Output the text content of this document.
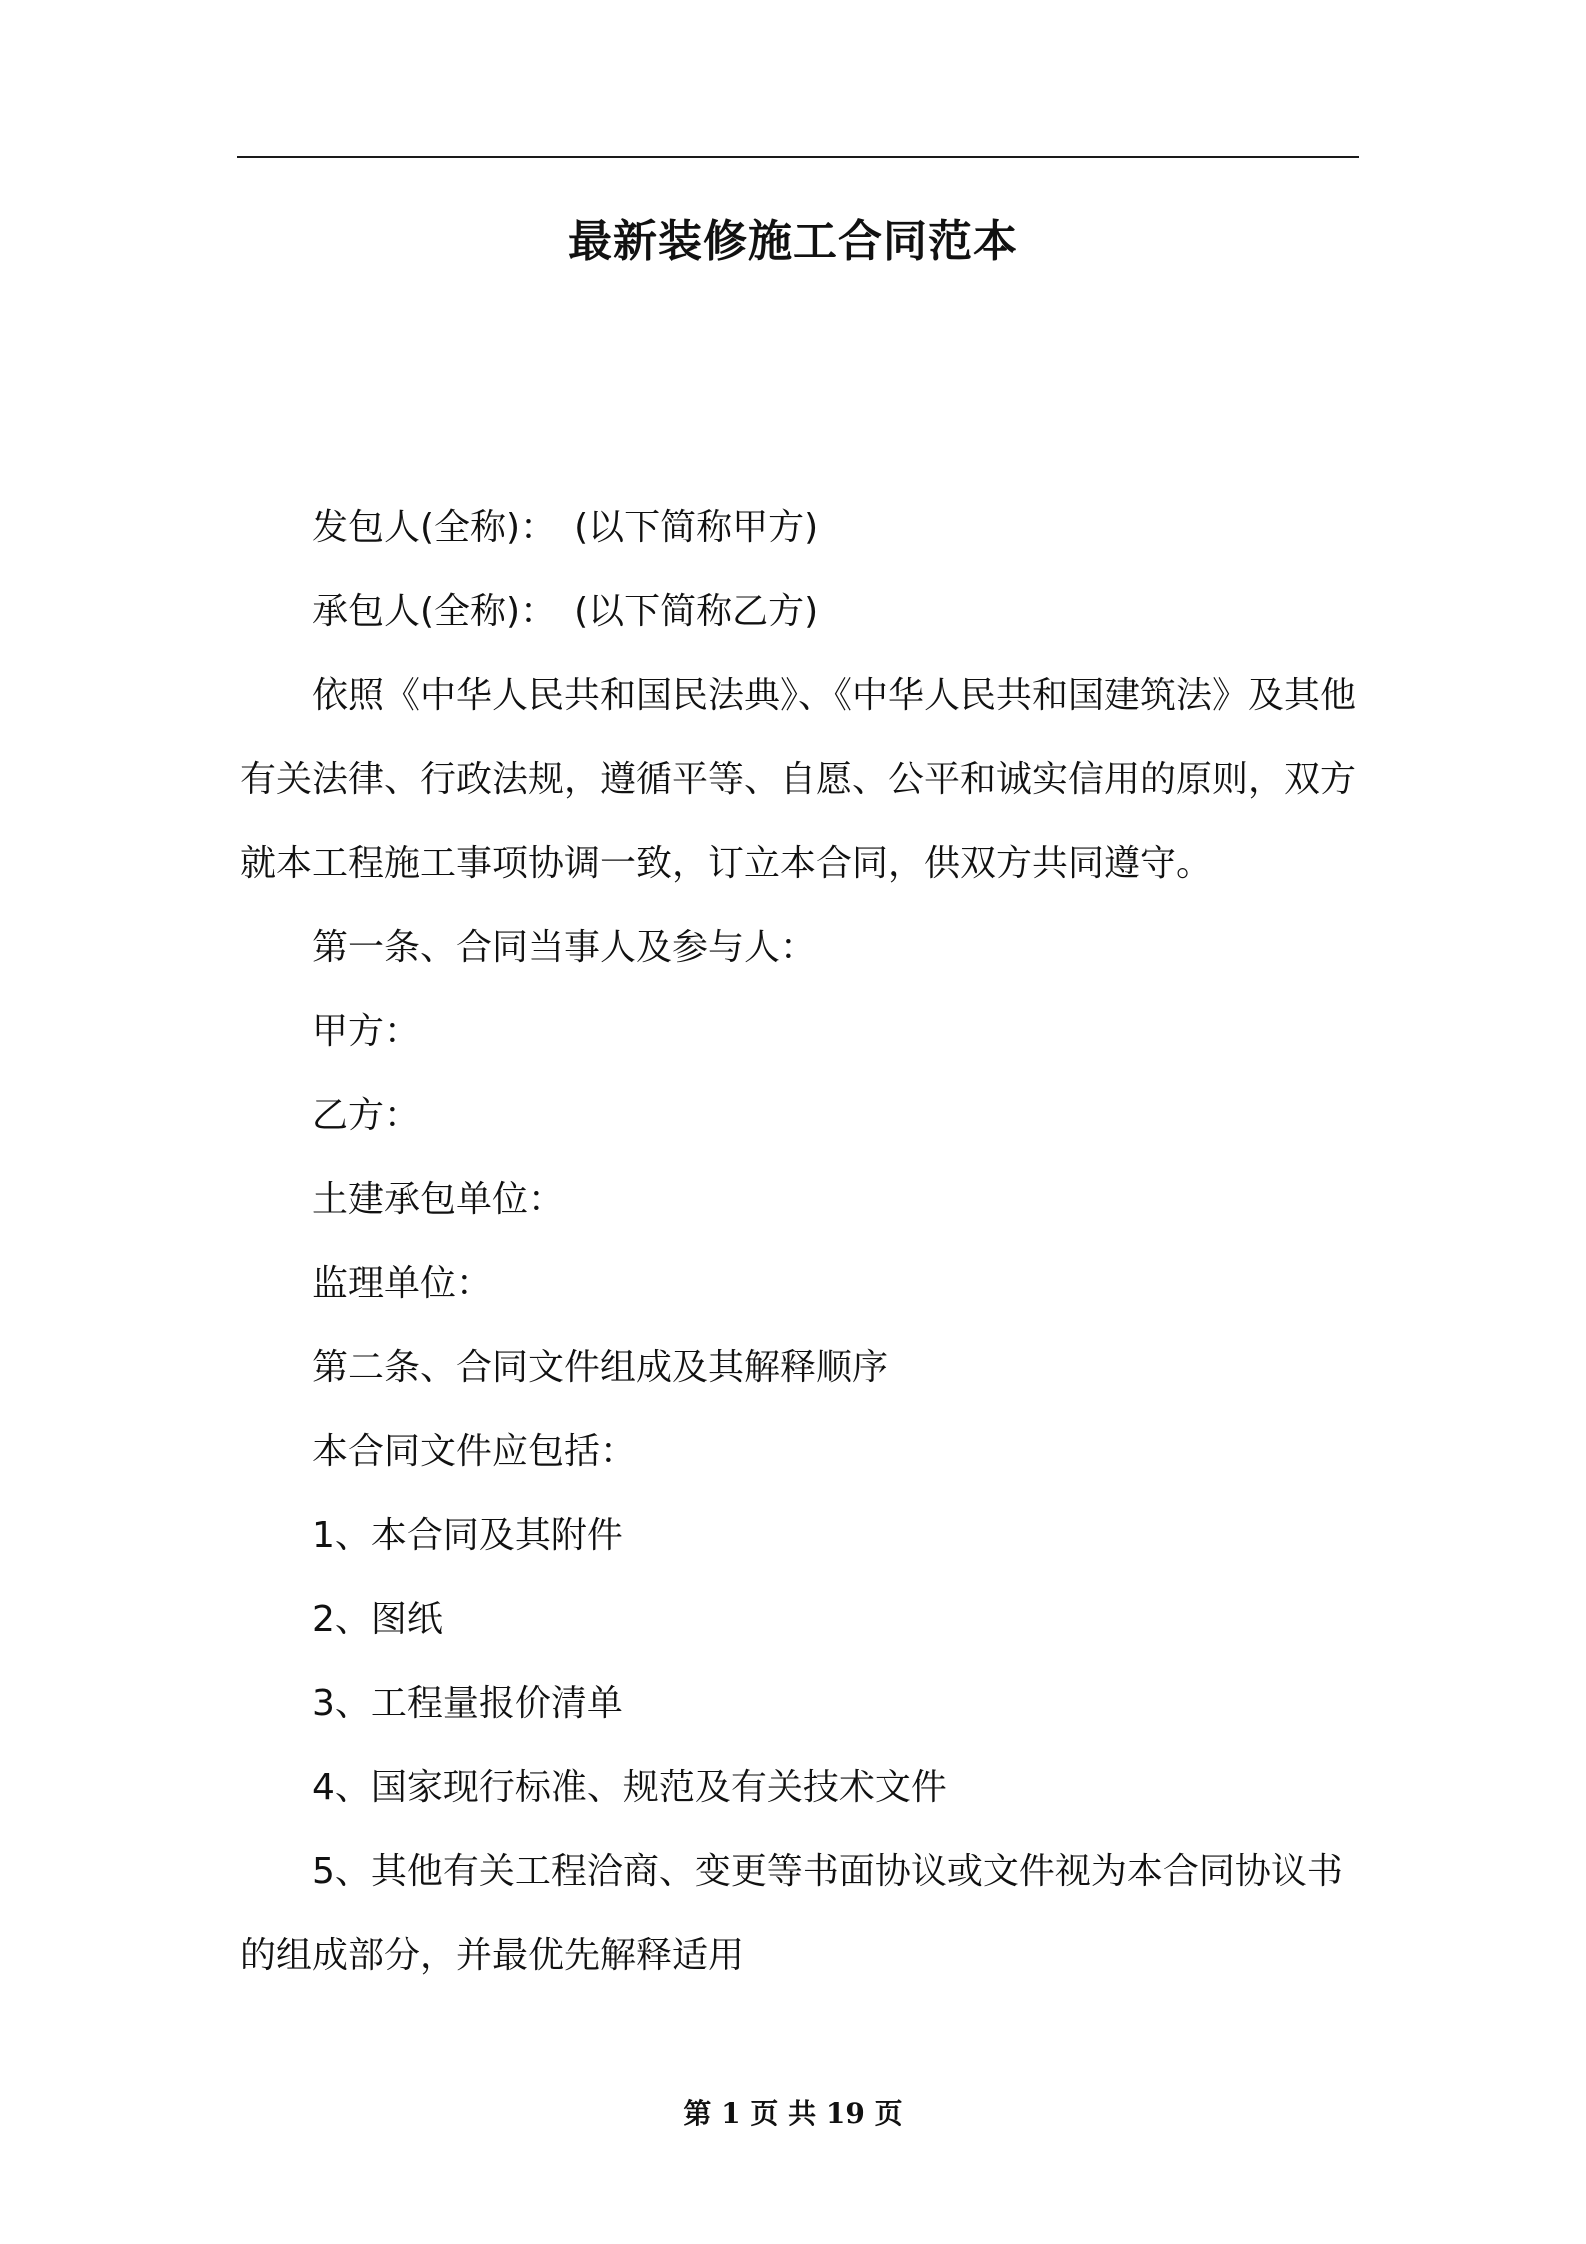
最新装修施工合同范本

发包人(全称)：　(以下简称甲方)

承包人(全称)：　(以下简称乙方)

依照《中华人民共和国民法典》、《中华人民共和国建筑法》及其他有关法律、行政法规，遵循平等、自愿、公平和诚实信用的原则，双方就本工程施工事项协调一致，订立本合同，供双方共同遵守。

第一条、合同当事人及参与人：

甲方：

乙方：

土建承包单位：

监理单位：

第二条、合同文件组成及其解释顺序

本合同文件应包括：

1、本合同及其附件

2、图纸

3、工程量报价清单

4、国家现行标准、规范及有关技术文件

5、其他有关工程洽商、变更等书面协议或文件视为本合同协议书的组成部分，并最优先解释适用

第 1 页 共 19 页
